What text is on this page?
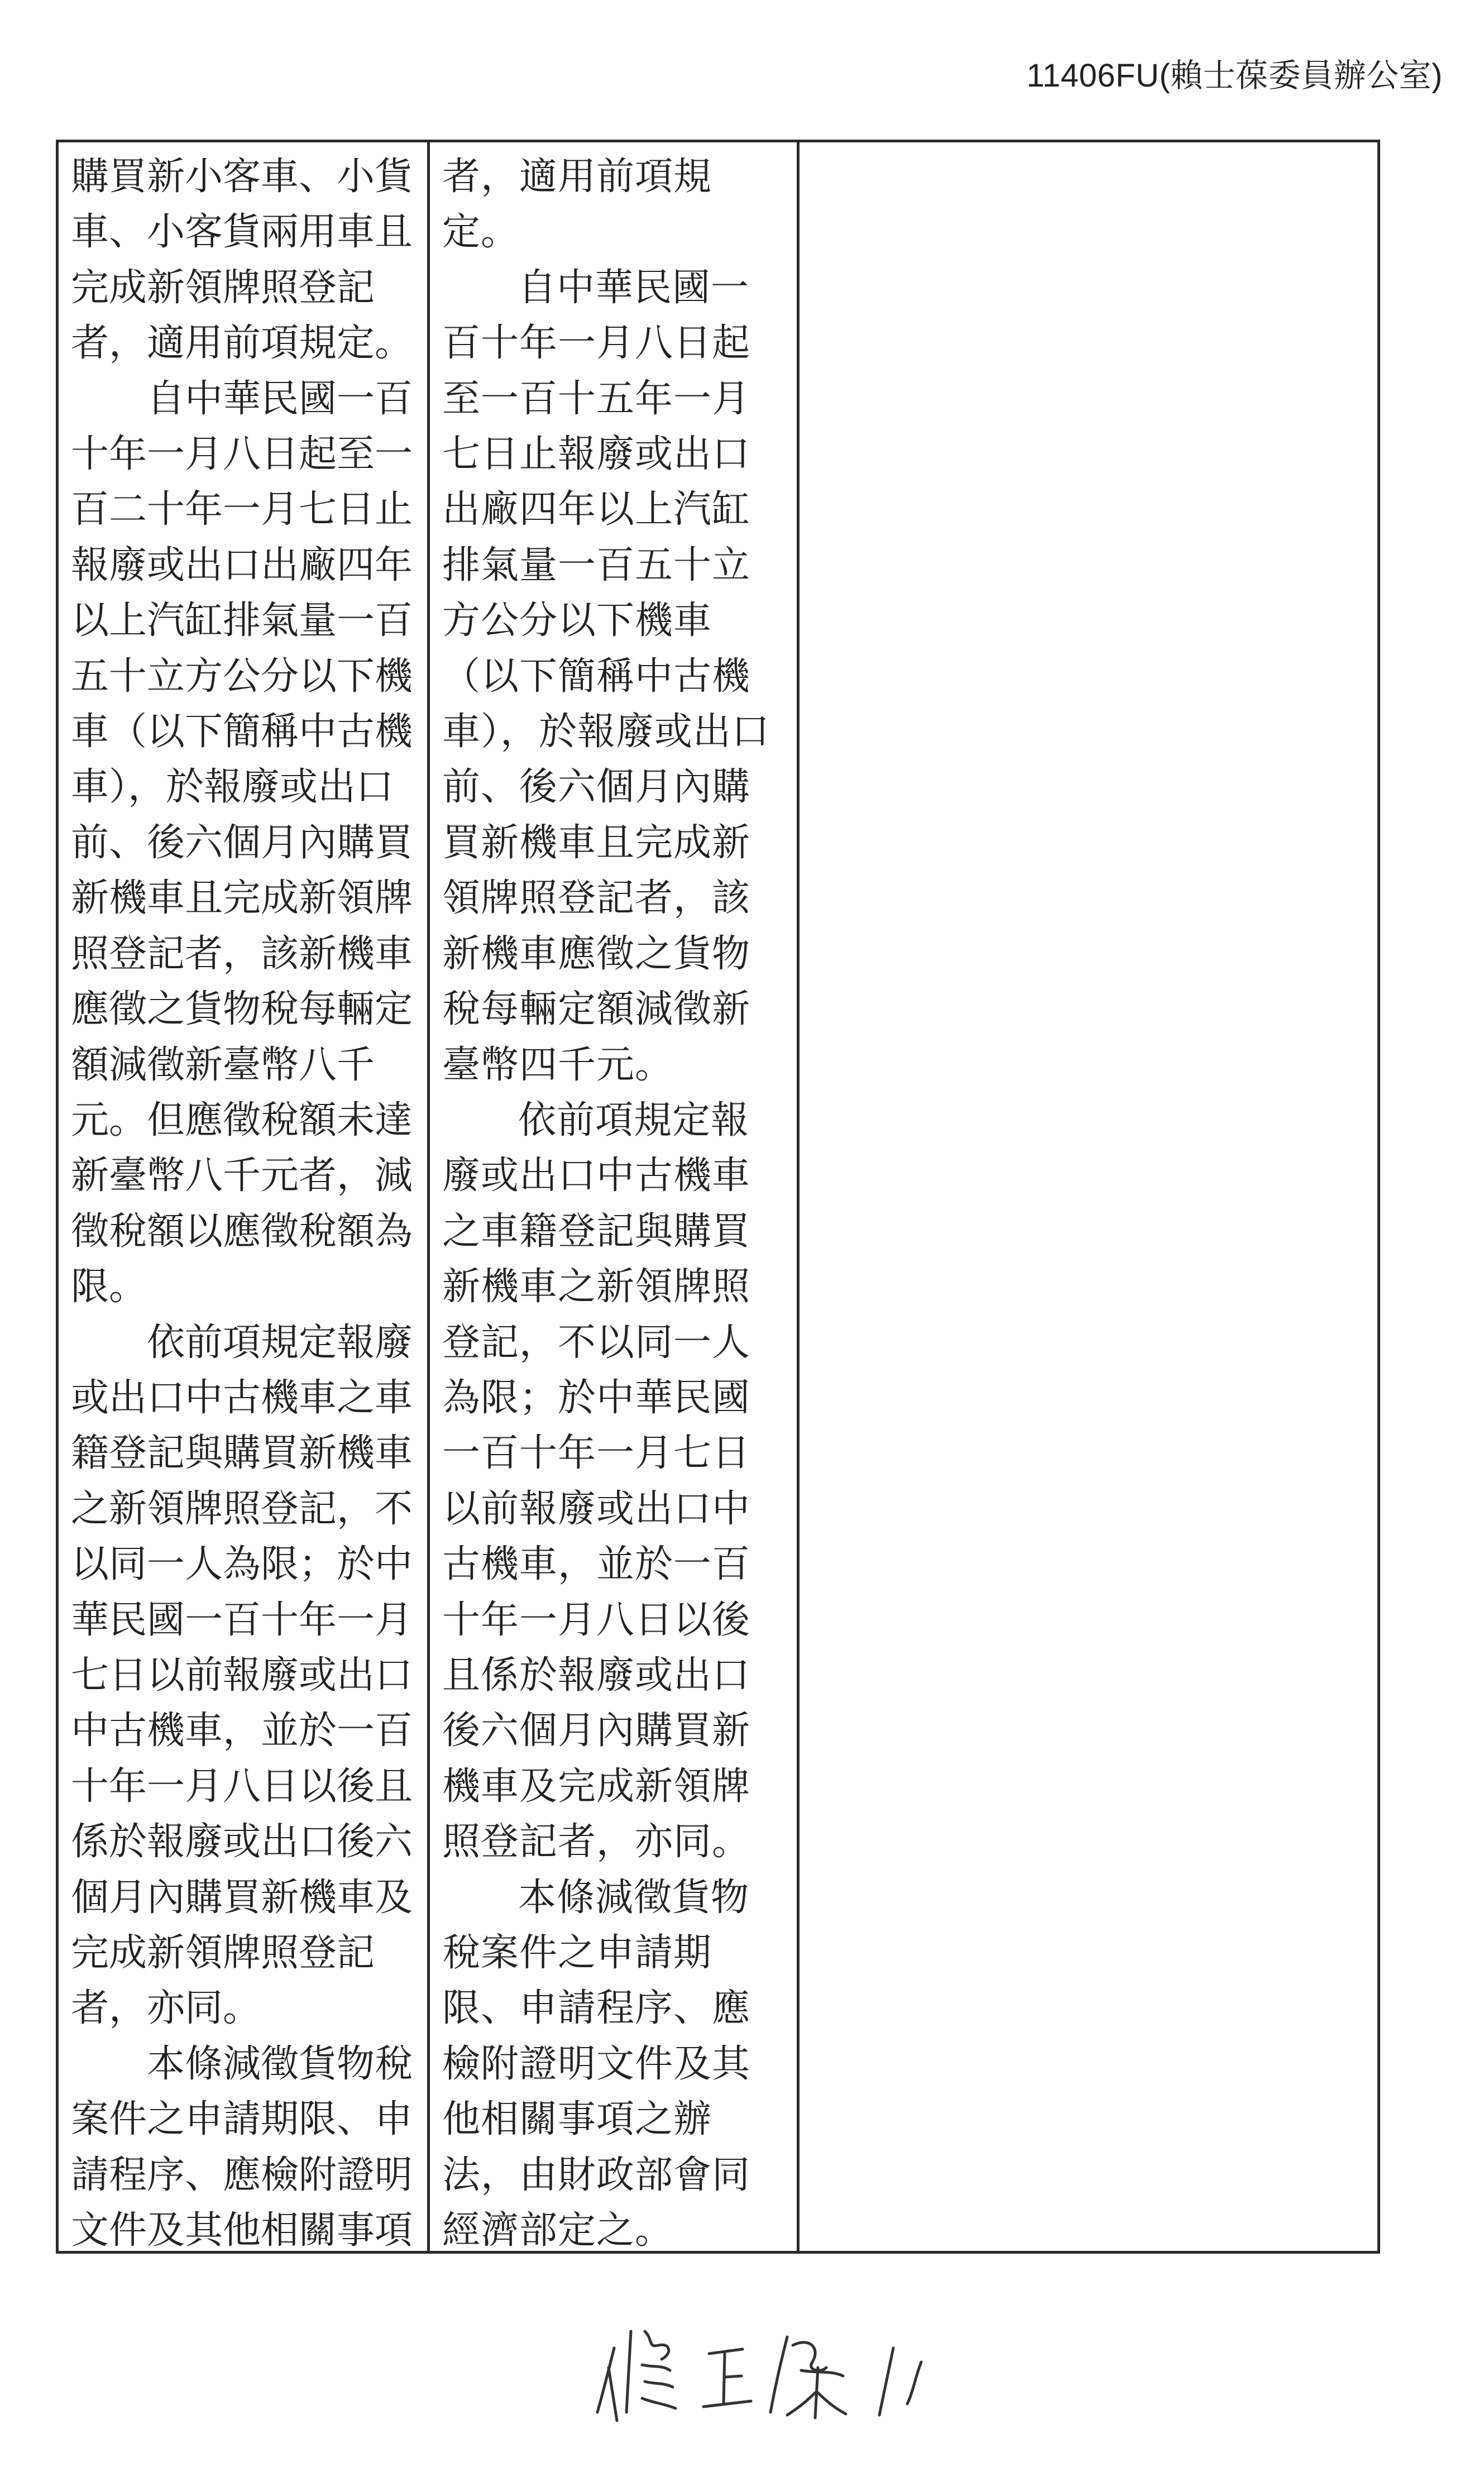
11406FU(賴士葆委員辦公室)

購買新小客車、小貨車、小客貨兩用車且完成新領牌照登記者，適用前項規定。

自中華民國一百十年一月八日起至一百二十年一月七日止報廢或出口出廠四年以上汽缸排氣量一百五十立方公分以下機車（以下簡稱中古機車），於報廢或出口前、後六個月內購買新機車且完成新領牌照登記者，該新機車應徵之貨物稅每輛定額減徵新臺幣八千元。但應徵稅額未達新臺幣八千元者，減徵稅額以應徵稅額為限。

依前項規定報廢或出口中古機車之車籍登記與購買新機車之新領牌照登記，不以同一人為限；於中華民國一百十年一月七日以前報廢或出口中古機車，並於一百十年一月八日以後且係於報廢或出口後六個月內購買新機車及完成新領牌照登記者，亦同。

本條減徵貨物稅案件之申請期限、申請程序、應檢附證明文件及其他相關事項

者，適用前項規定。

自中華民國一百十年一月八日起至一百十五年一月七日止報廢或出口出廠四年以上汽缸排氣量一百五十立方公分以下機車（以下簡稱中古機車），於報廢或出口前、後六個月內購買新機車且完成新領牌照登記者，該新機車應徵之貨物稅每輛定額減徵新臺幣四千元。

依前項規定報廢或出口中古機車之車籍登記與購買新機車之新領牌照登記，不以同一人為限；於中華民國一百十年一月七日以前報廢或出口中古機車，並於一百十年一月八日以後且係於報廢或出口後六個月內購買新機車及完成新領牌照登記者，亦同。

本條減徵貨物稅案件之申請期限、申請程序、應檢附證明文件及其他相關事項之辦法，由財政部會同經濟部定之。
